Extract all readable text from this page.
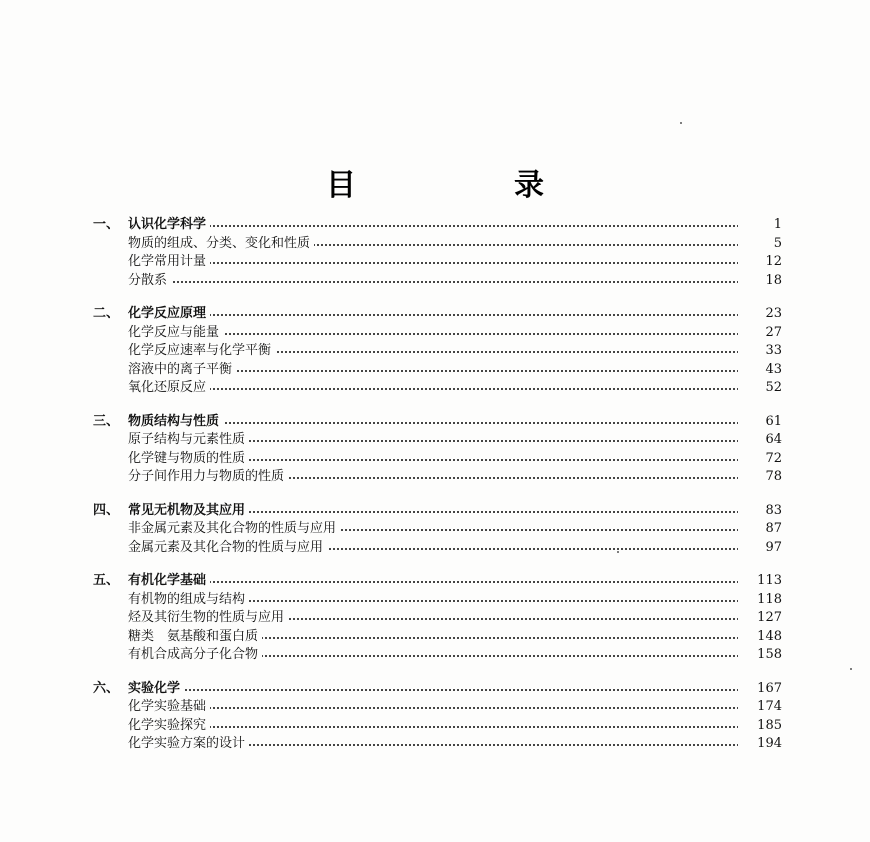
目　录
一、 认识化学科学	1
物质的组成、分类、变化和性质	5
化学常用计量	12
分散系	18
二、 化学反应原理	23
化学反应与能量	27
化学反应速率与化学平衡	33
溶液中的离子平衡	43
氧化还原反应	52
三、 物质结构与性质	61
原子结构与元素性质	64
化学键与物质的性质	72
分子间作用力与物质的性质	78
四、 常见无机物及其应用	83
非金属元素及其化合物的性质与应用	87
金属元素及其化合物的性质与应用	97
五、 有机化学基础	113
有机物的组成与结构	118
烃及其衍生物的性质与应用	127
糖类　氨基酸和蛋白质	148
有机合成高分子化合物	158
六、 实验化学	167
化学实验基础	174
化学实验探究	185
化学实验方案的设计	194
